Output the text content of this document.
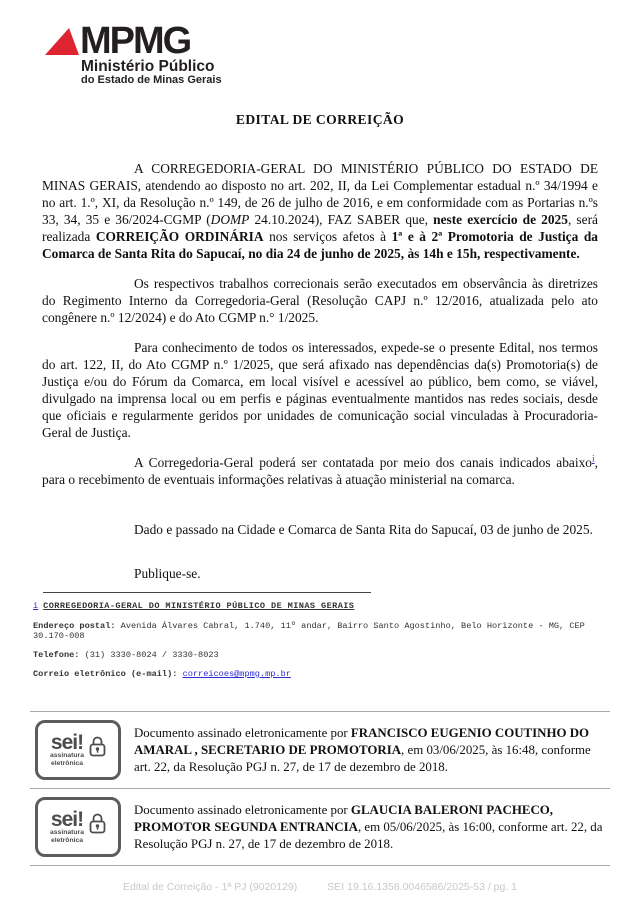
MPMG
Ministério Público
do Estado de Minas Gerais
EDITAL DE CORREIÇÃO

A CORREGEDORIA-GERAL DO MINISTÉRIO PÚBLICO DO ESTADO DE MINAS GERAIS, atendendo ao disposto no art. 202, II, da Lei Complementar estadual n.º 34/1994 e no art. 1.º, XI, da Resolução n.º 149, de 26 de julho de 2016, e em conformidade com as Portarias n.ºs 33, 34, 35 e 36/2024-CGMP (DOMP 24.10.2024), FAZ SABER que, neste exercício de 2025, será realizada CORREIÇÃO ORDINÁRIA nos serviços afetos à 1ª e à 2ª Promotoria de Justiça da Comarca de Santa Rita do Sapucaí, no dia 24 de junho de 2025, às 14h e 15h, respectivamente.

Os respectivos trabalhos correcionais serão executados em observância às diretrizes do Regimento Interno da Corregedoria-Geral (Resolução CAPJ n.º 12/2016, atualizada pelo ato congênere n.º 12/2024) e do Ato CGMP n.° 1/2025.

Para conhecimento de todos os interessados, expede-se o presente Edital, nos termos do art. 122, II, do Ato CGMP n.º 1/2025, que será afixado nas dependências da(s) Promotoria(s) de Justiça e/ou do Fórum da Comarca, em local visível e acessível ao público, bem como, se viável, divulgado na imprensa local ou em perfis e páginas eventualmente mantidos nas redes sociais, desde que oficiais e regularmente geridos por unidades de comunicação social vinculadas à Procuradoria-Geral de Justiça.

A Corregedoria-Geral poderá ser contatada por meio dos canais indicados abaixo$^i$, para o recebimento de eventuais informações relativas à atuação ministerial na comarca.

Dado e passado na Cidade e Comarca de Santa Rita do Sapucaí, 03 de junho de 2025.

Publique-se.

i CORREGEDORIA-GERAL DO MINISTÉRIO PÚBLICO DE MINAS GERAIS
Endereço postal: Avenida Álvares Cabral, 1.740, 11º andar, Bairro Santo Agostinho, Belo Horizonte - MG, CEP 30.170-008
Telefone: (31) 3330-8024 / 3330-8023
Correio eletrônico (e-mail): correicoes@mpmg.mp.br
sei!
assinatura
eletrônica
Documento assinado eletronicamente por FRANCISCO EUGENIO COUTINHO DO AMARAL , SECRETARIO DE PROMOTORIA, em 03/06/2025, às 16:48, conforme art. 22, da Resolução PGJ n. 27, de 17 de dezembro de 2018.
sei!
assinatura
eletrônica
Documento assinado eletronicamente por GLAUCIA BALERONI PACHECO, PROMOTOR SEGUNDA ENTRANCIA, em 05/06/2025, às 16:00, conforme art. 22, da Resolução PGJ n. 27, de 17 de dezembro de 2018.
Edital de Correição - 1ª PJ (9020129)	SEI 19.16.1358.0046586/2025-53 / pg. 1
